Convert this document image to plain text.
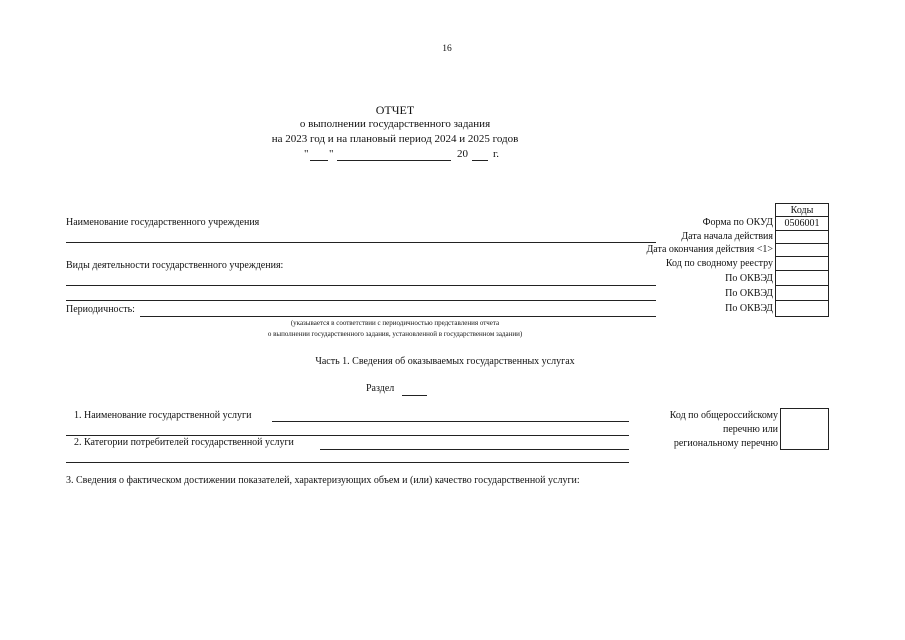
16
ОТЧЕТ
о выполнении государственного задания
на 2023 год и на плановый период 2024 и 2025 годов
" "	20 г.
Коды
0506001
Форма по ОКУД
Дата начала действия
Дата окончания действия <1>
Код по сводному реестру
По ОКВЭД
По ОКВЭД
По ОКВЭД
Наименование государственного учреждения
Виды деятельности государственного учреждения:
Периодичность:
(указывается в соответствии с периодичностью представления отчета
о выполнении государственного задания, установленной в государственном задании)
Часть 1. Сведения об оказываемых государственных услугах
Раздел
1. Наименование государственной услуги
2. Категории потребителей государственной услуги
Код по общероссийскому
перечню или
региональному перечню
3. Сведения о фактическом достижении показателей, характеризующих объем и (или) качество государственной услуги:
